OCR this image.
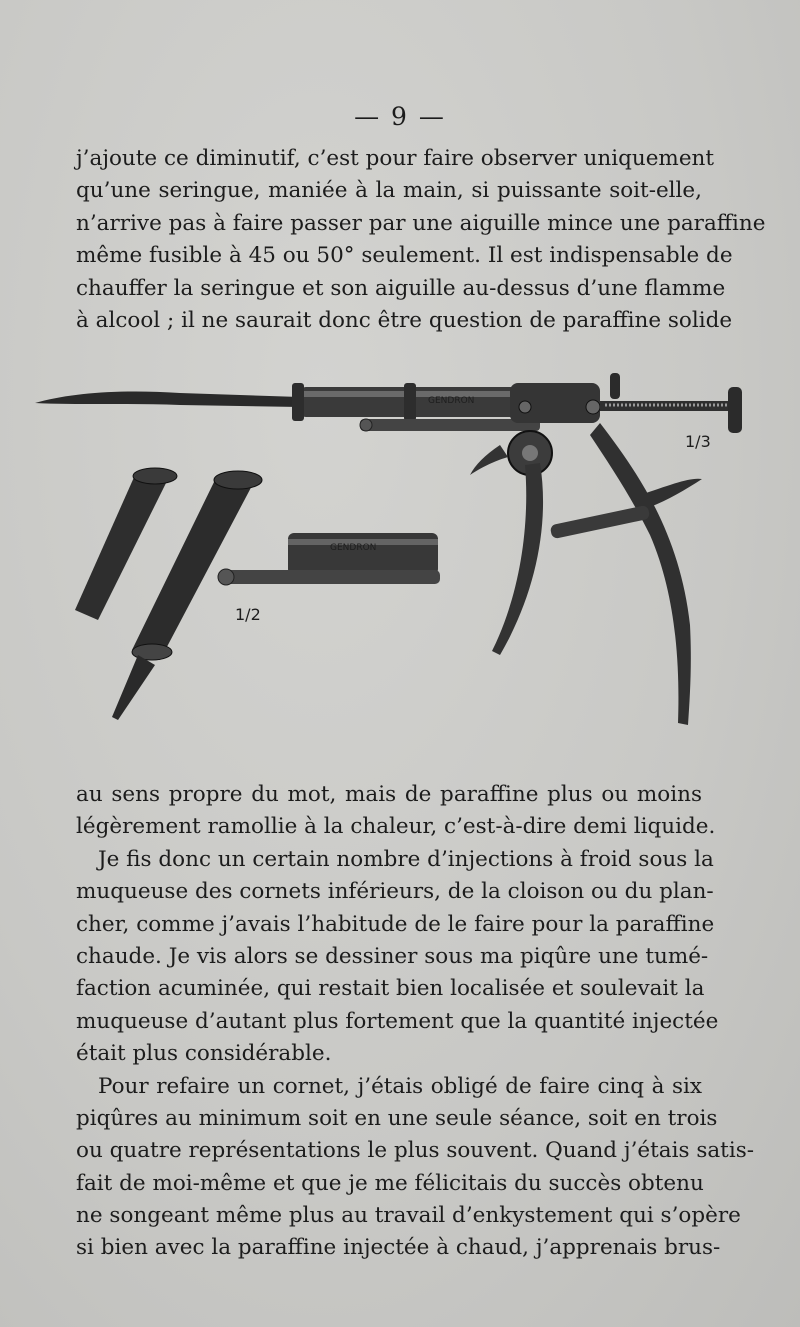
— 9 —
j’ajoute ce diminutif, c’est pour faire observer uniquement
qu’une seringue, maniée à la main, si puissante soit-elle,
n’arrive pas à faire passer par une aiguille mince une paraffine
même fusible à 45 ou 50° seulement. Il est indispensable de
chauffer la seringue et son aiguille au-dessus d’une flamme
à alcool ; il ne saurait donc être question de paraffine solide
GENDRON
1/3
GENDRON
1/2
au sens propre du mot, mais de paraffine plus ou moins
légèrement ramollie à la chaleur, c’est-à-dire demi liquide.
Je fis donc un certain nombre d’injections à froid sous la
muqueuse des cornets inférieurs, de la cloison ou du plan-
cher, comme j’avais l’habitude de le faire pour la paraffine
chaude. Je vis alors se dessiner sous ma piqûre une tumé-
faction acuminée, qui restait bien localisée et soulevait la
muqueuse d’autant plus fortement que la quantité injectée
était plus considérable.
Pour refaire un cornet, j’étais obligé de faire cinq à six
piqûres au minimum soit en une seule séance, soit en trois
ou quatre représentations le plus souvent. Quand j’étais satis-
fait de moi-même et que je me félicitais du succès obtenu
ne songeant même plus au travail d’enkystement qui s’opère
si bien avec la paraffine injectée à chaud, j’apprenais brus-
